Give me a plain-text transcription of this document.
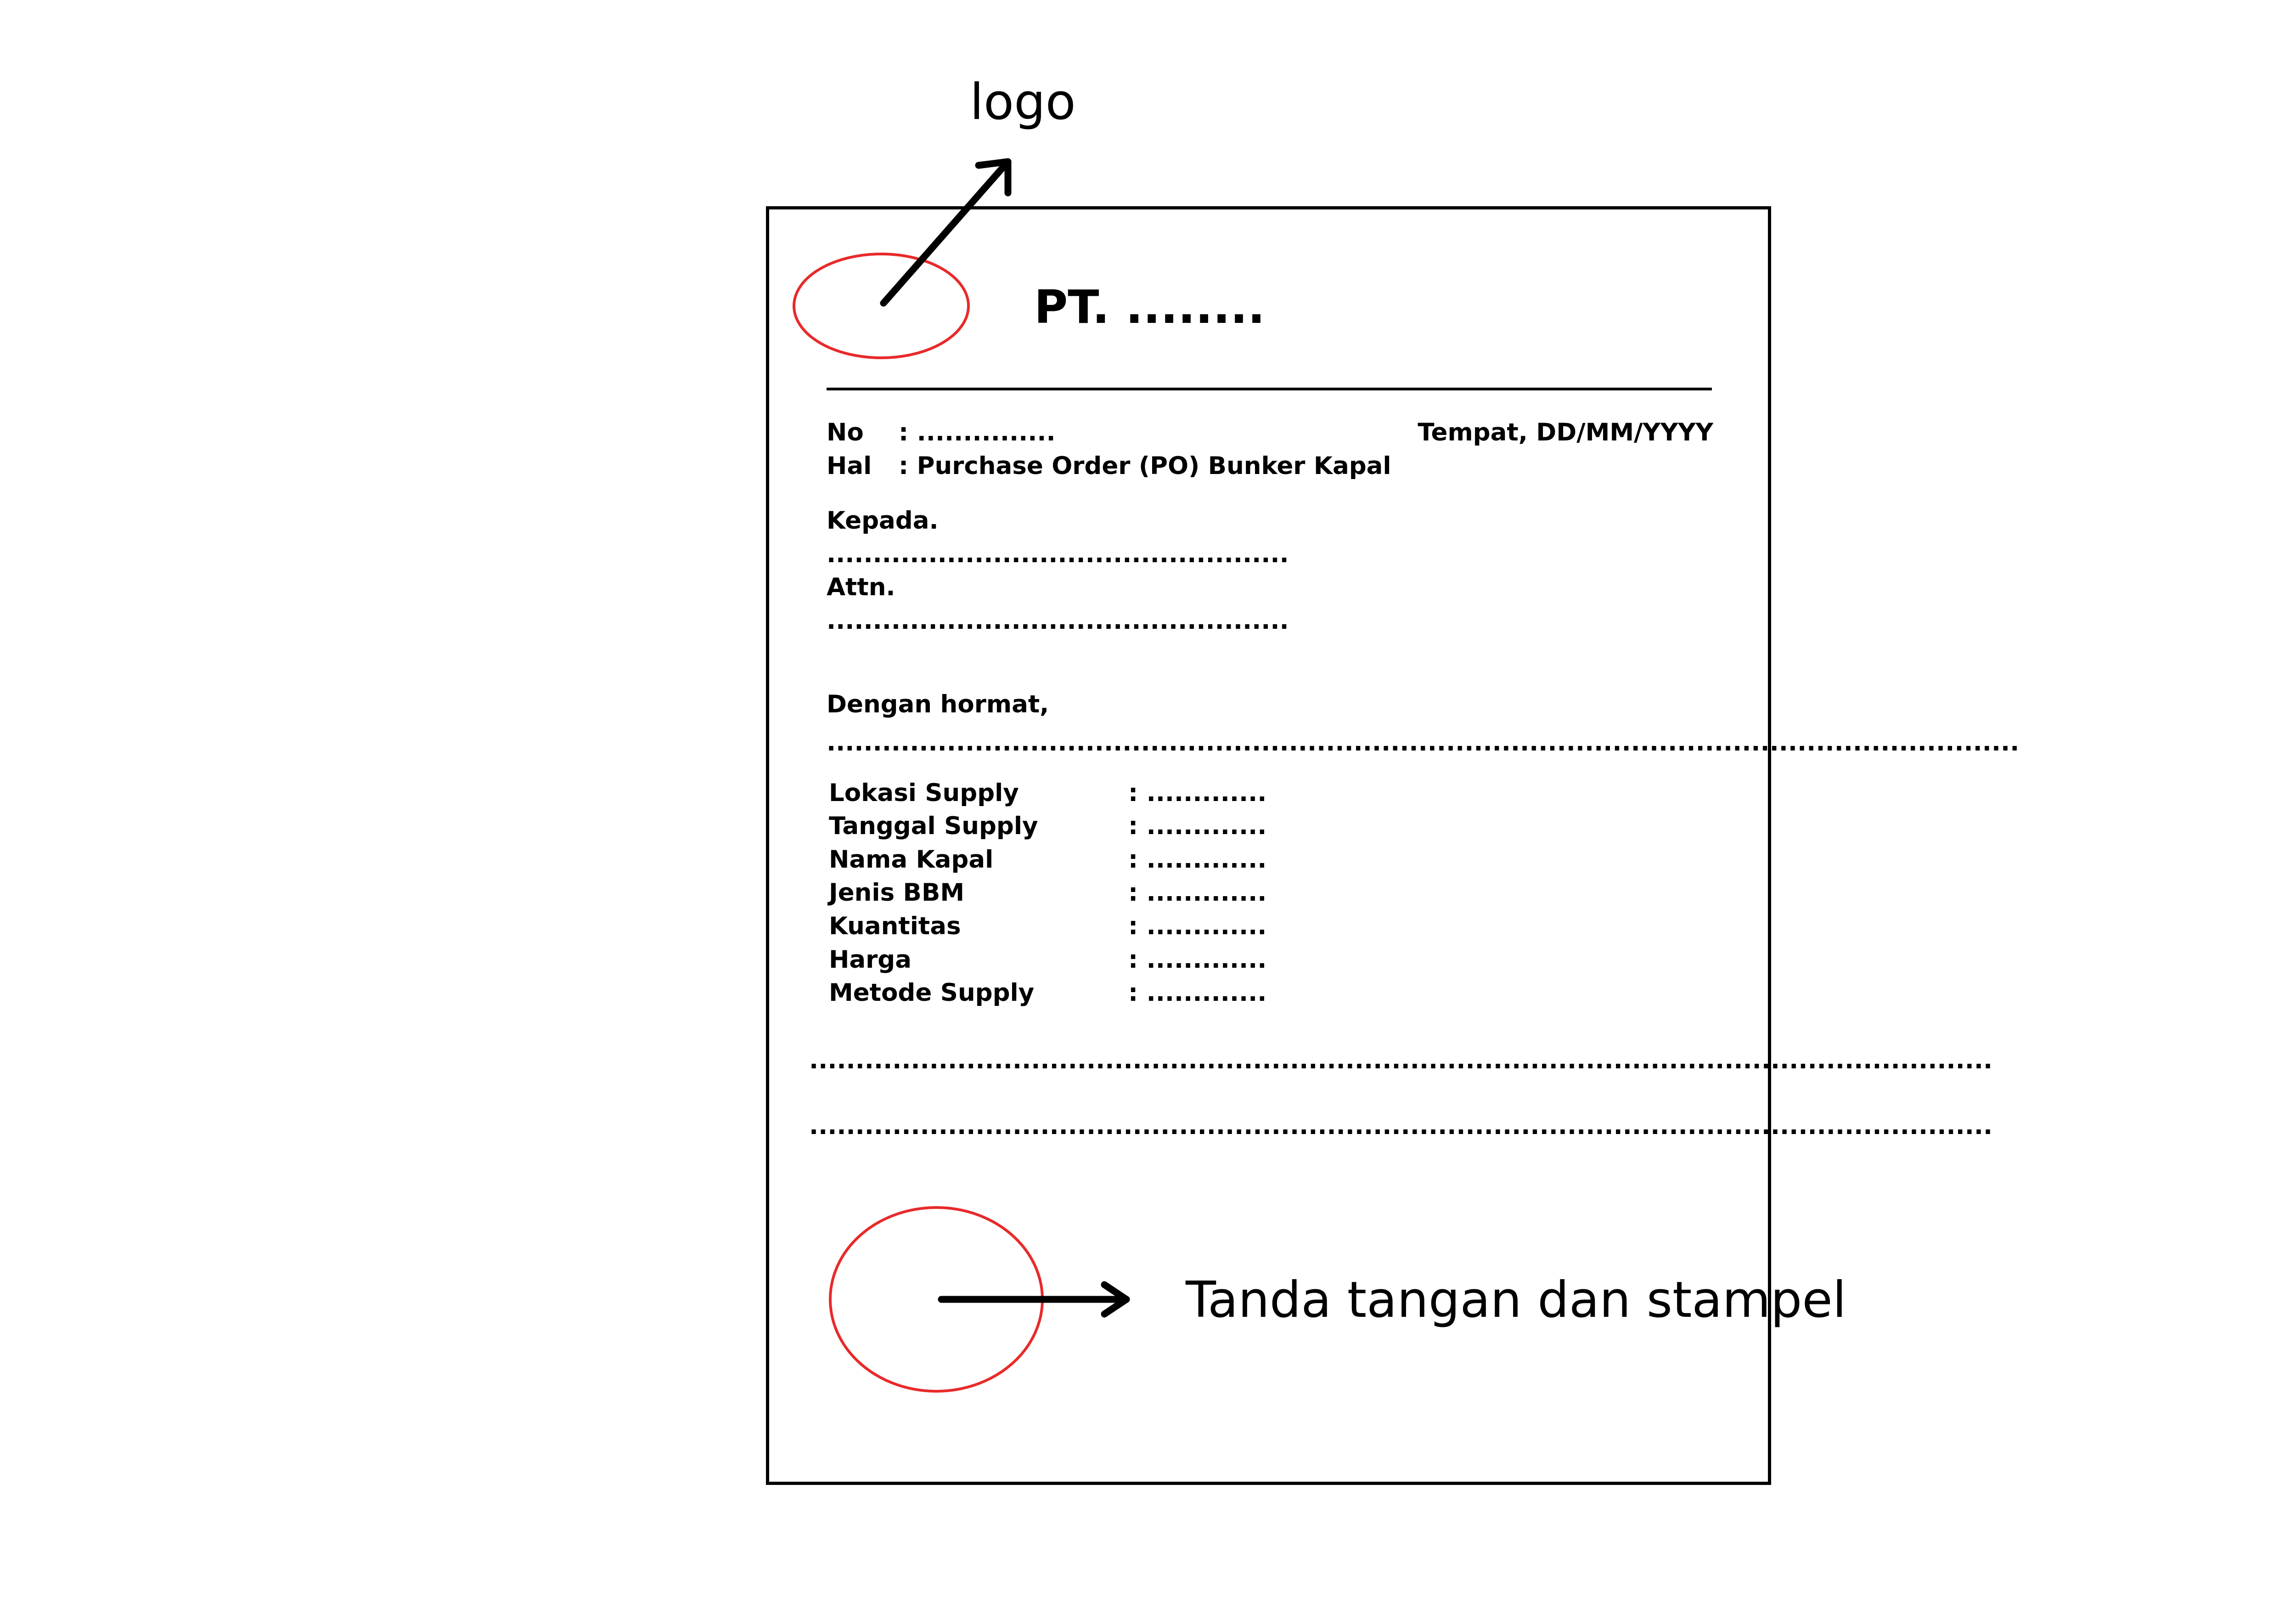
logo
PT. ........
No : ...............
Hal : Purchase Order (PO) Bunker Kapal
Tempat, DD/MM/YYYY
Kepada.
..................................................
Attn.
..................................................
Dengan hormat,
.................................................................................................................................
Lokasi Supply	: .............
Tanggal Supply	: .............
Nama Kapal	: .............
Jenis BBM	: .............
Kuantitas	: .............
Harga	: .............
Metode Supply	: .............
................................................................................................................................
................................................................................................................................
Tanda tangan dan stampel
